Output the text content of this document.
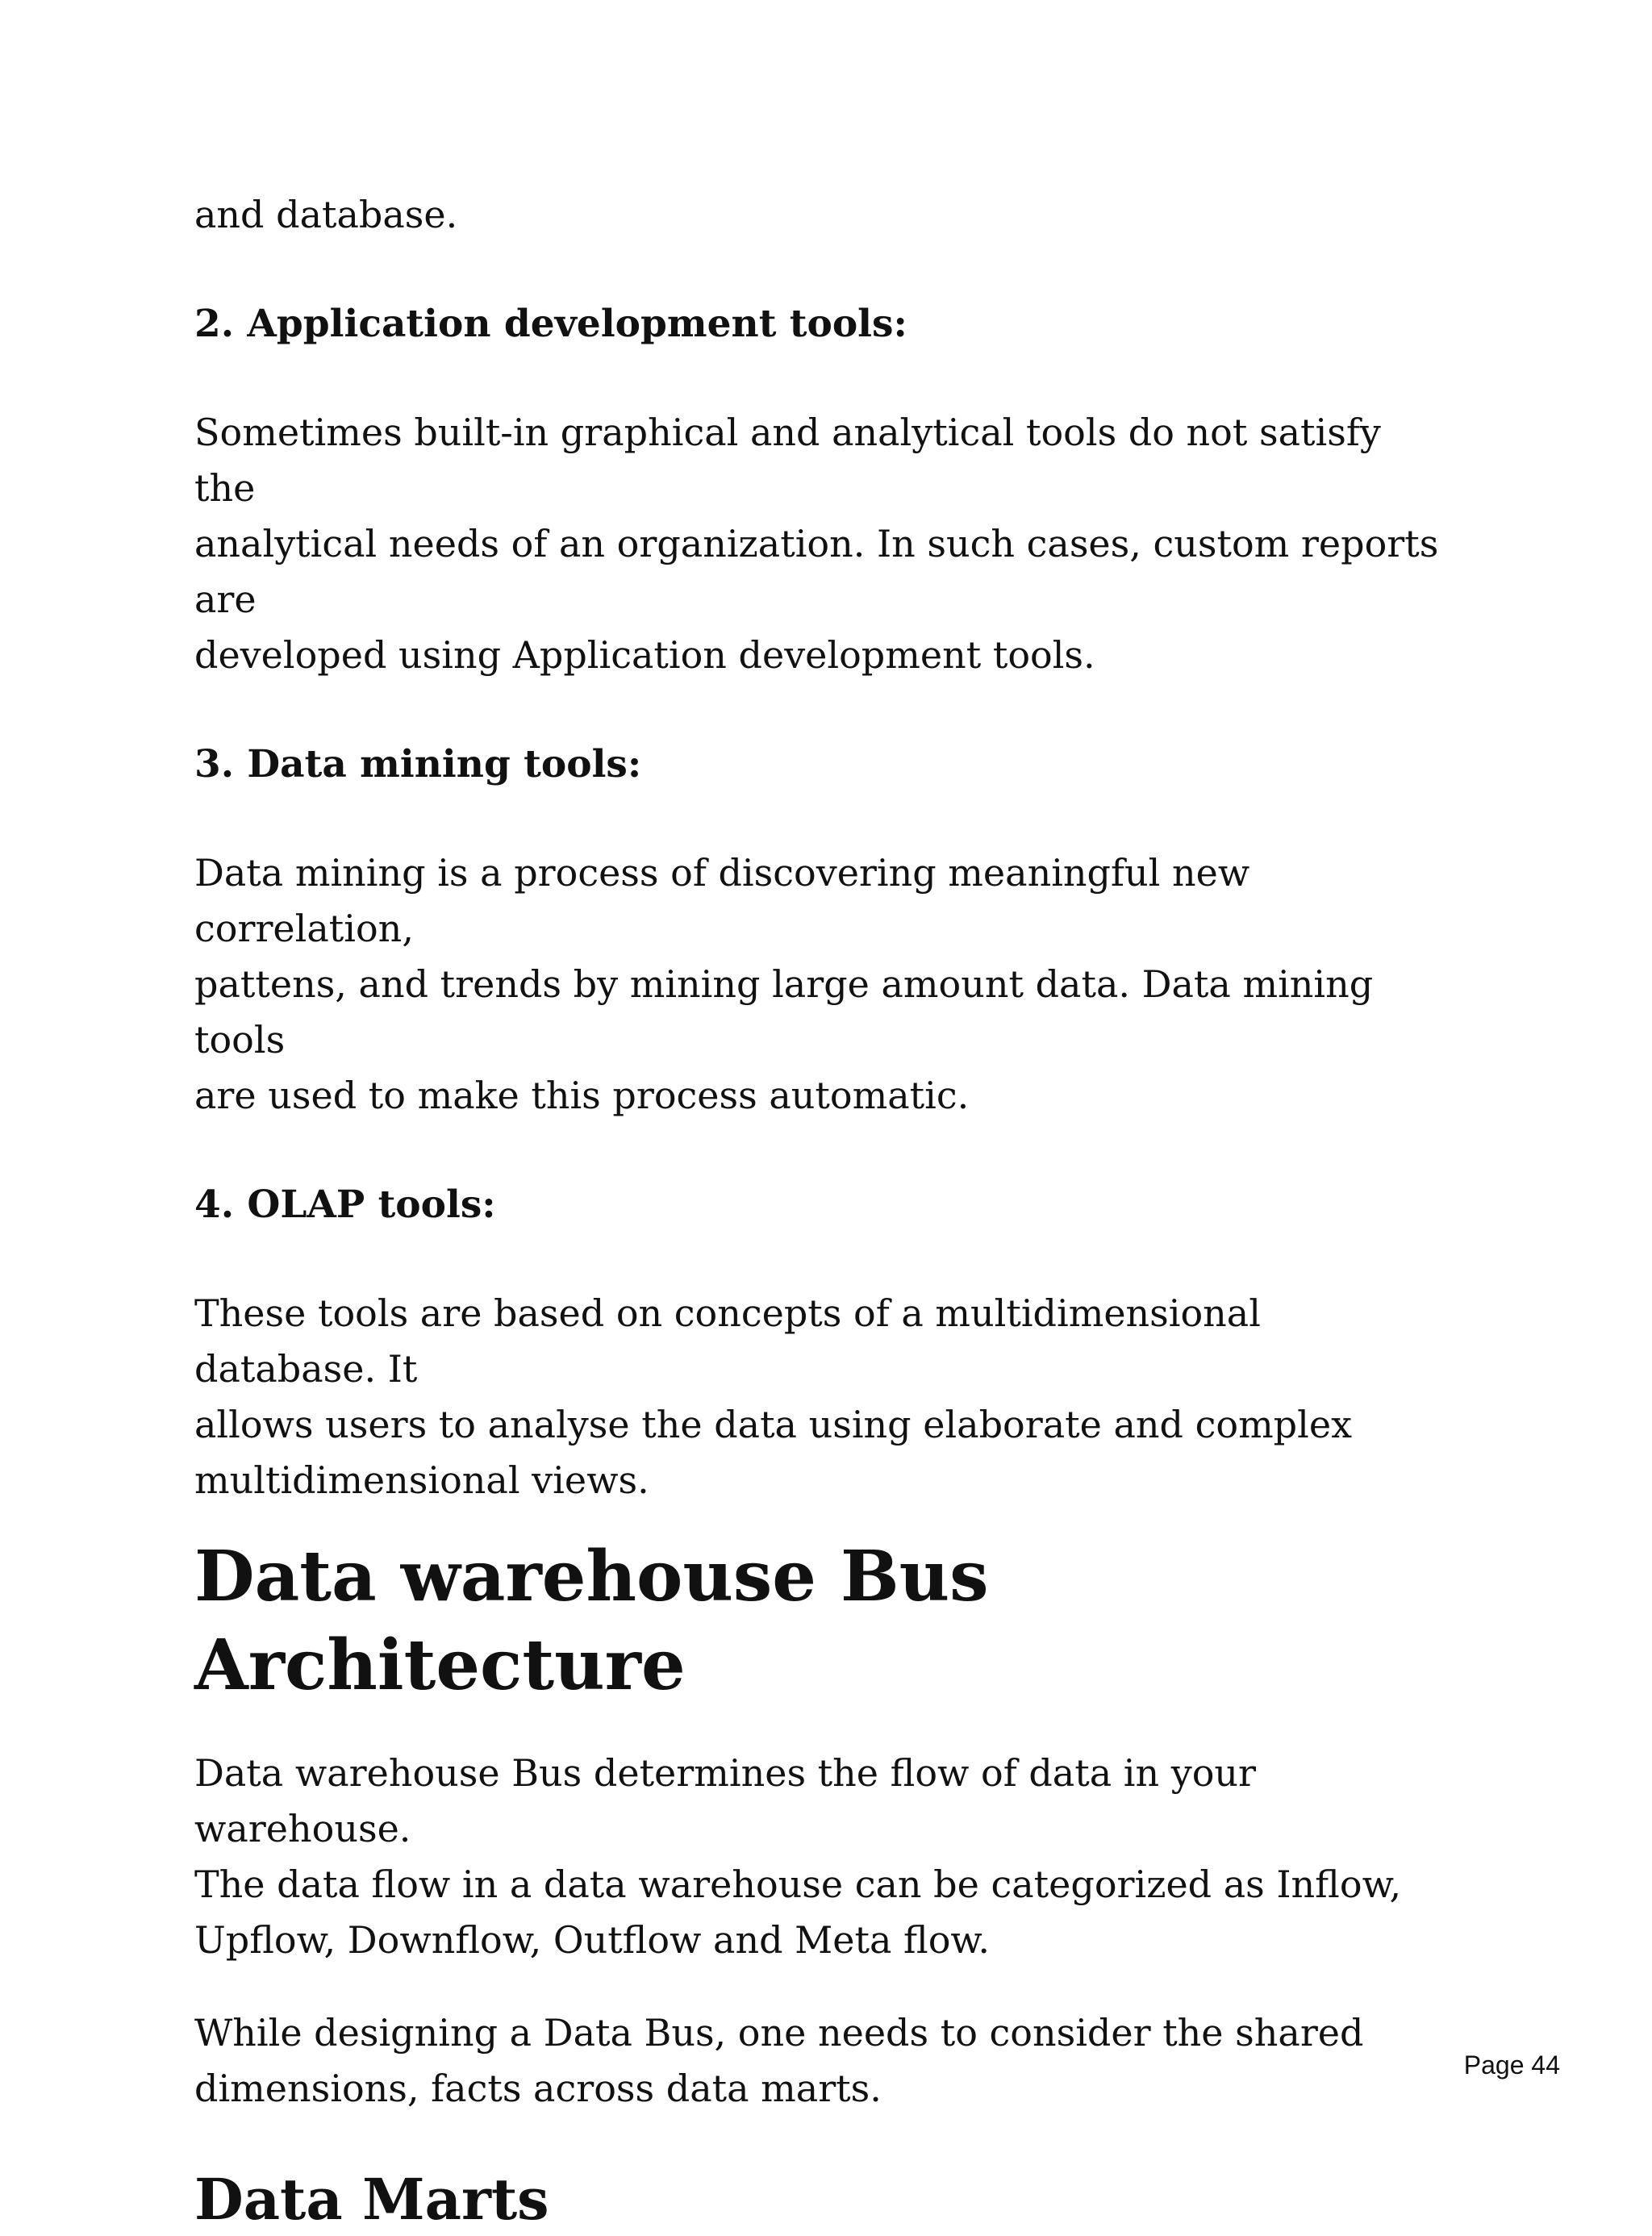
and database.

2. Application development tools:
Sometimes built-in graphical and analytical tools do not satisfy the
analytical needs of an organization. In such cases, custom reports are
developed using Application development tools.
3. Data mining tools:
Data mining is a process of discovering meaningful new correlation,
pattens, and trends by mining large amount data. Data mining tools
are used to make this process automatic.
4. OLAP tools:
These tools are based on concepts of a multidimensional database. It
allows users to analyse the data using elaborate and complex
multidimensional views.
Data warehouse Bus Architecture
Data warehouse Bus determines the flow of data in your warehouse.
The data flow in a data warehouse can be categorized as Inflow,
Upflow, Downflow, Outflow and Meta flow.
While designing a Data Bus, one needs to consider the shared
dimensions, facts across data marts.
Data Marts
Page 44
